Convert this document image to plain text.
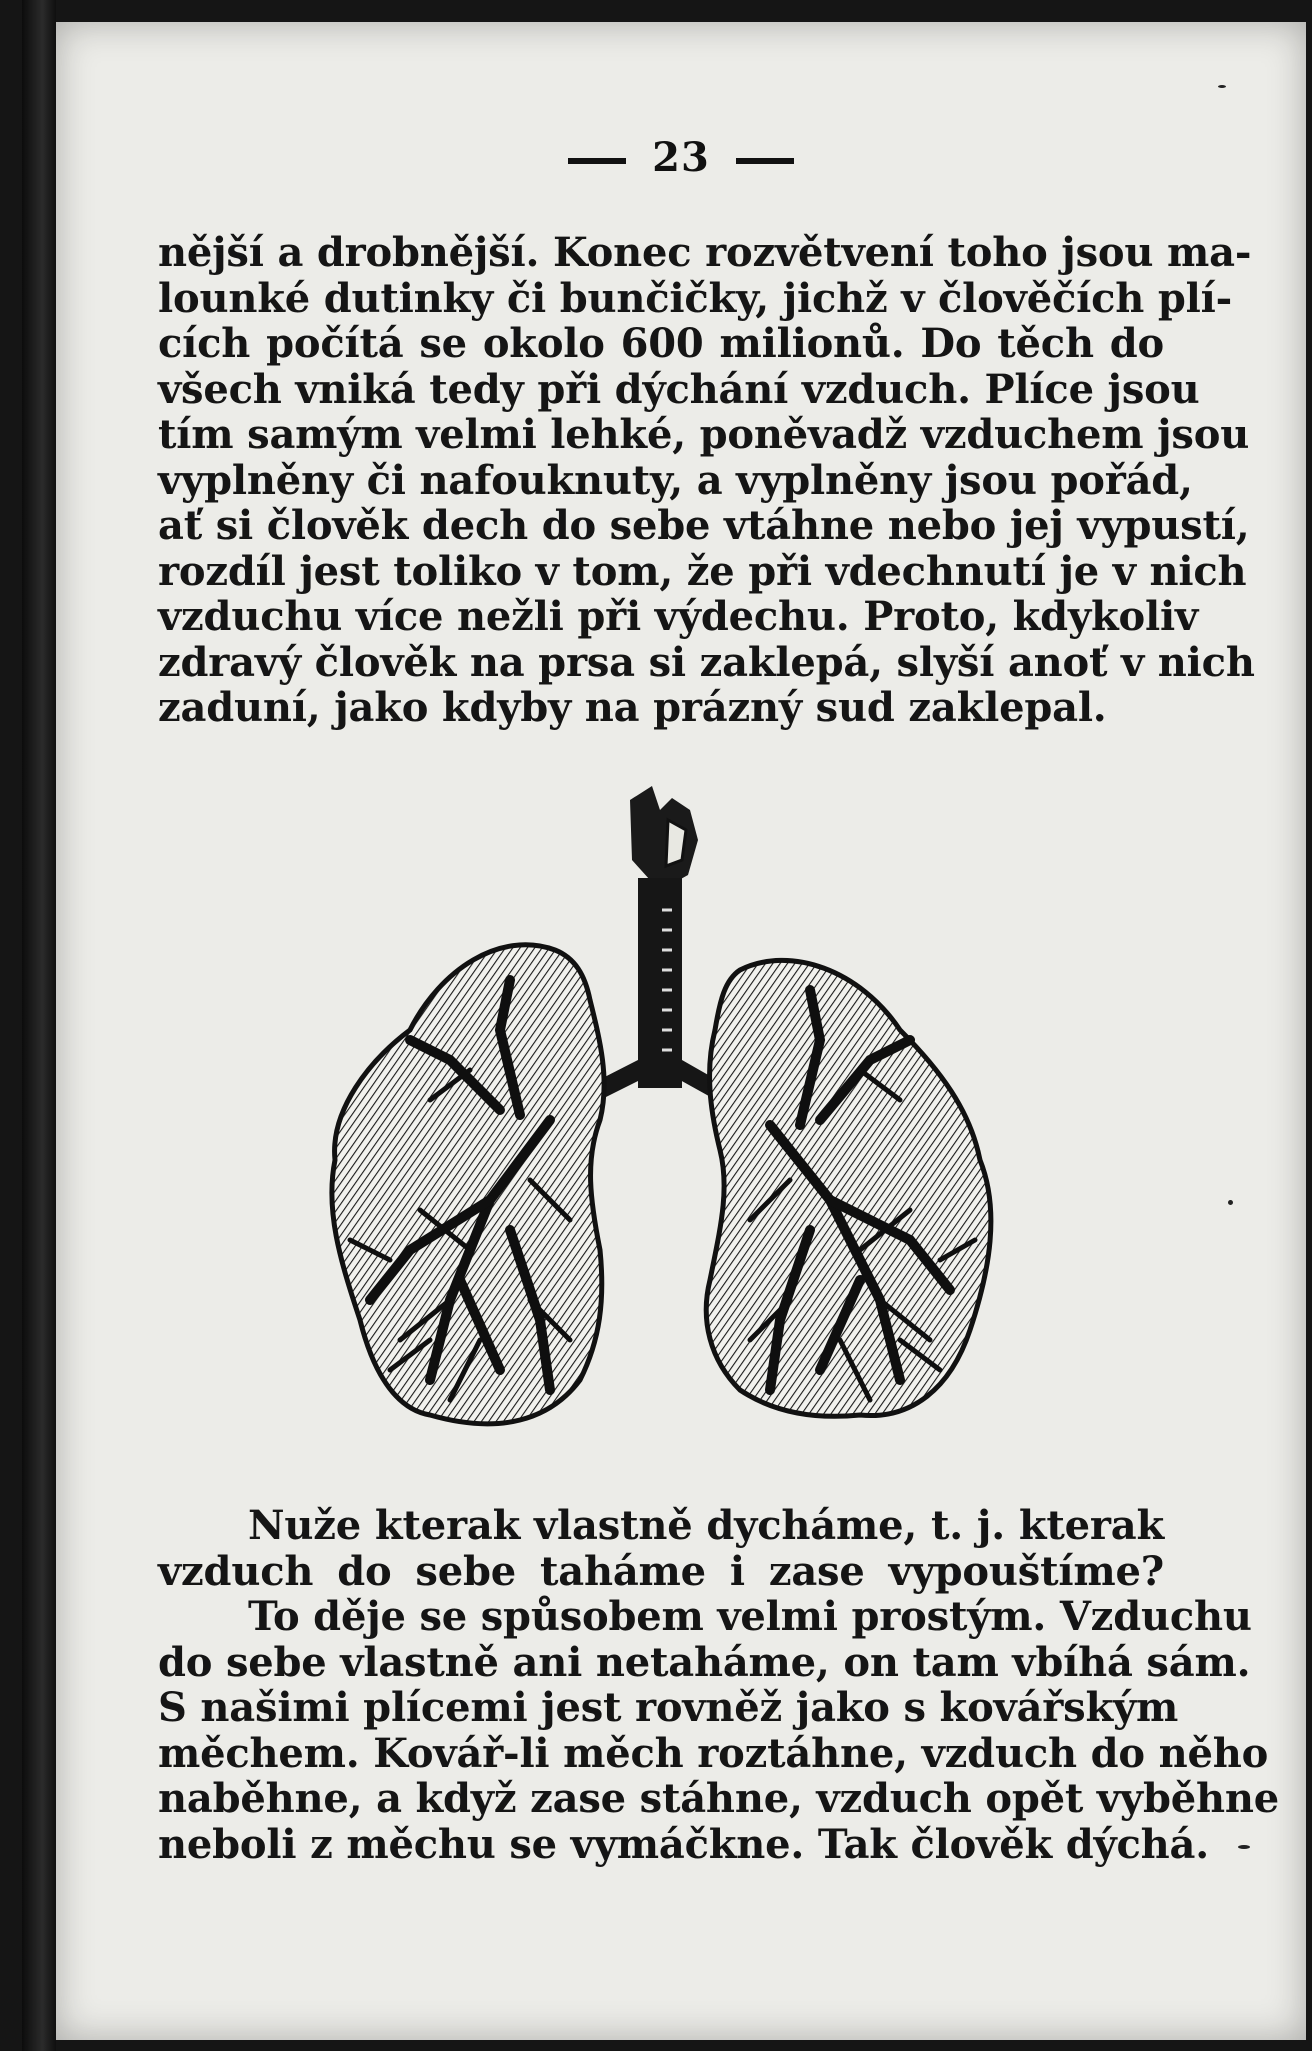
23
nější a drobnější. Konec rozvětvení toho jsou ma-
lounké dutinky či bunčičky, jichž v člověčích plí-
cích počítá se okolo 600 milionů. Do těch do
všech vniká tedy při dýchání vzduch. Plíce jsou
tím samým velmi lehké, poněvadž vzduchem jsou
vyplněny či nafouknuty, a vyplněny jsou pořád,
ať si člověk dech do sebe vtáhne nebo jej vypustí,
rozdíl jest toliko v tom, že při vdechnutí je v nich
vzduchu více nežli při výdechu. Proto, kdykoliv
zdravý člověk na prsa si zaklepá, slyší anoť v nich
zaduní, jako kdyby na prázný sud zaklepal.
Nuže kterak vlastně dycháme, t. j. kterak
vzduch do sebe taháme i zase vypouštíme?
To děje se spůsobem velmi prostým. Vzduchu
do sebe vlastně ani netaháme, on tam vbíhá sám.
S našimi plícemi jest rovněž jako s kovářským
měchem. Kovář-li měch roztáhne, vzduch do něho
naběhne, a když zase stáhne, vzduch opět vyběhne
neboli z měchu se vymáčkne. Tak člověk dýchá.
